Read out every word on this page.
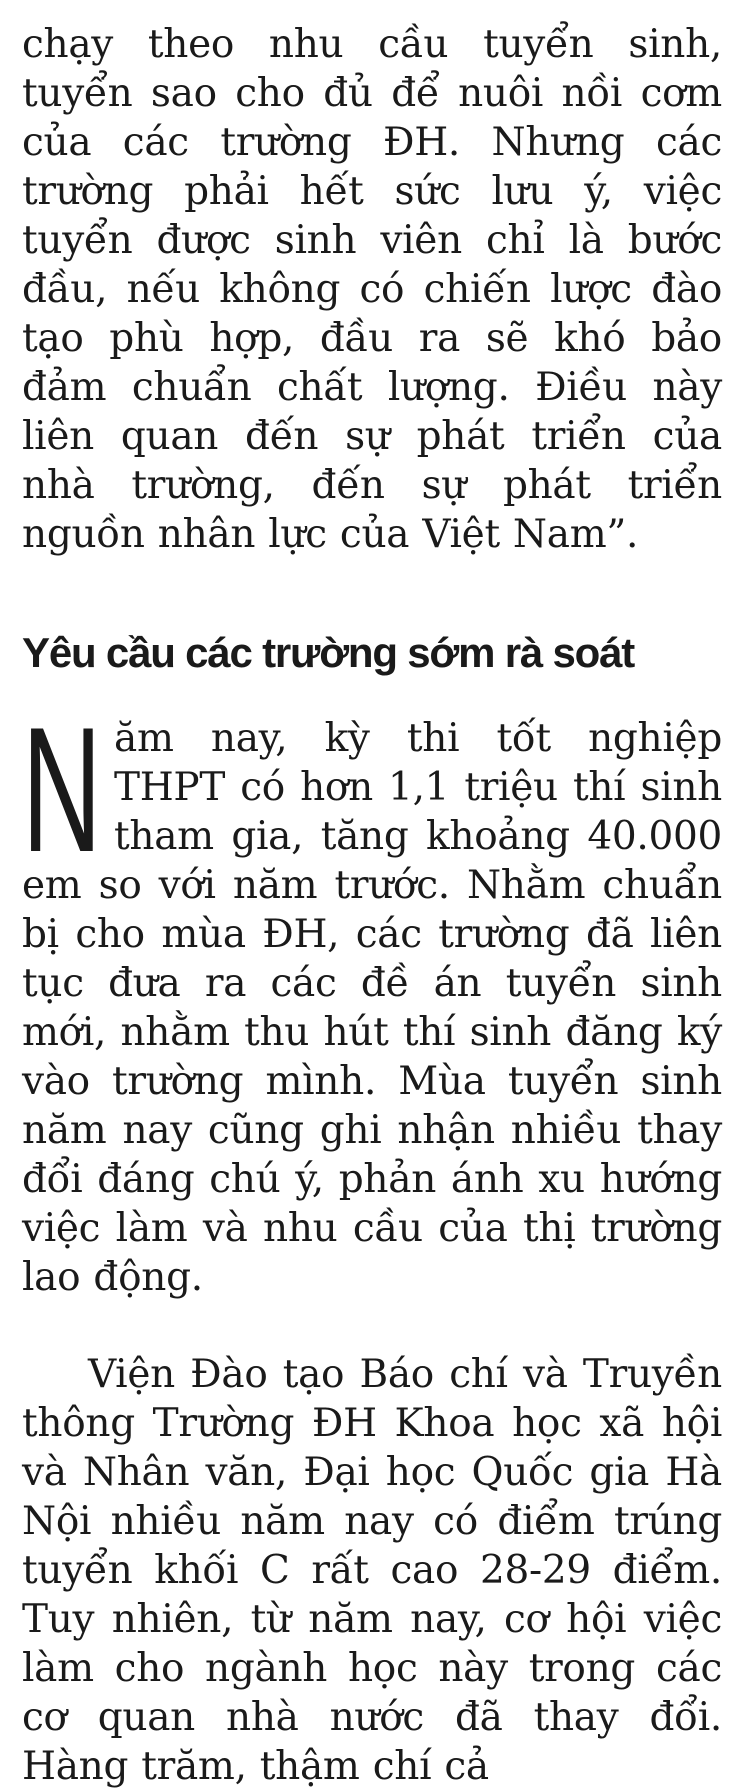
chạy theo nhu cầu tuyển sinh, tuyển sao cho đủ để nuôi nồi cơm của các trường ĐH. Nhưng các trường phải hết sức lưu ý, việc tuyển được sinh viên chỉ là bước đầu, nếu không có chiến lược đào tạo phù hợp, đầu ra sẽ khó bảo đảm chuẩn chất lượng. Điều này liên quan đến sự phát triển của nhà trường, đến sự phát triển nguồn nhân lực của Việt Nam”.

Yêu cầu các trường sớm rà soát

Năm nay, kỳ thi tốt nghiệp THPT có hơn 1,1 triệu thí sinh tham gia, tăng khoảng 40.000 em so với năm trước. Nhằm chuẩn bị cho mùa ĐH, các trường đã liên tục đưa ra các đề án tuyển sinh mới, nhằm thu hút thí sinh đăng ký vào trường mình. Mùa tuyển sinh năm nay cũng ghi nhận nhiều thay đổi đáng chú ý, phản ánh xu hướng việc làm và nhu cầu của thị trường lao động.

Viện Đào tạo Báo chí và Truyền thông Trường ĐH Khoa học xã hội và Nhân văn, Đại học Quốc gia Hà Nội nhiều năm nay có điểm trúng tuyển khối C rất cao 28-29 điểm. Tuy nhiên, từ năm nay, cơ hội việc làm cho ngành học này trong các cơ quan nhà nước đã thay đổi. Hàng trăm, thậm chí cả
